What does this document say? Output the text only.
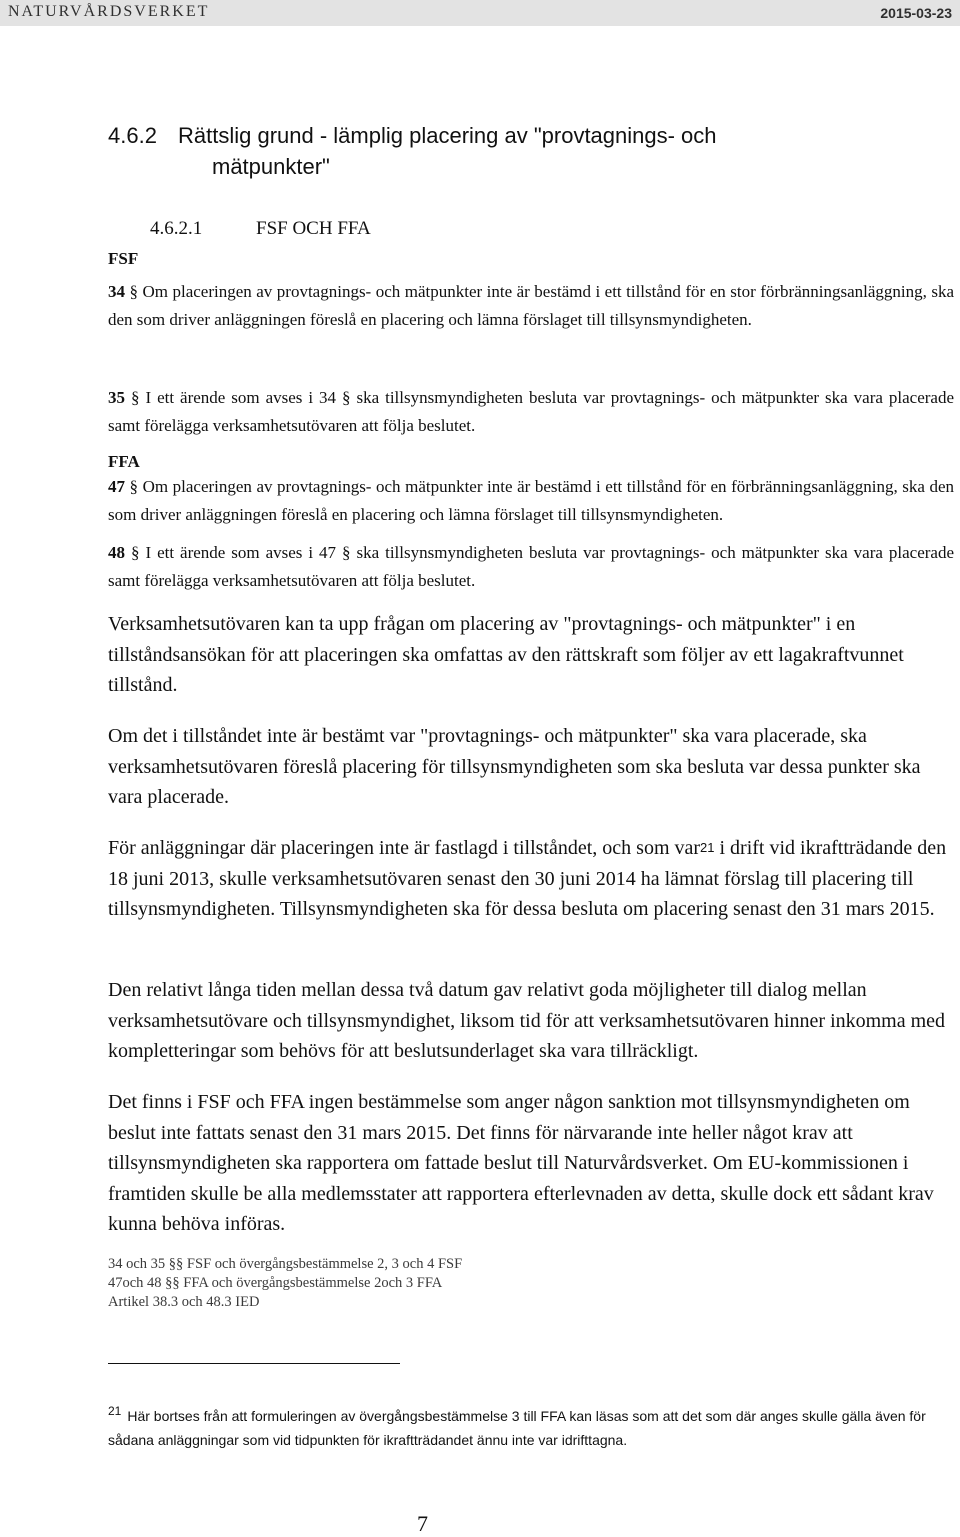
NATURVÅRDSVERKET	2015-03-23
4.6.2 Rättslig grund - lämplig placering av "provtagnings- och
mätpunkter"
4.6.2.1	FSF OCH FFA
FSF
34 § Om placeringen av provtagnings- och mätpunkter inte är bestämd i ett tillstånd för en stor förbränningsanläggning, ska den som driver anläggningen föreslå en placering och lämna förslaget till tillsynsmyndigheten.
35 § I ett ärende som avses i 34 § ska tillsynsmyndigheten besluta var provtagnings- och mätpunkter ska vara placerade samt förelägga verksamhetsutövaren att följa beslutet.
FFA
47 § Om placeringen av provtagnings- och mätpunkter inte är bestämd i ett tillstånd för en förbränningsanläggning, ska den som driver anläggningen föreslå en placering och lämna förslaget till tillsynsmyndigheten.
48 § I ett ärende som avses i 47 § ska tillsynsmyndigheten besluta var provtagnings- och mätpunkter ska vara placerade samt förelägga verksamhetsutövaren att följa beslutet.
Verksamhetsutövaren kan ta upp frågan om placering av "provtagnings- och mätpunkter" i en tillståndsansökan för att placeringen ska omfattas av den rättskraft som följer av ett lagakraftvunnet tillstånd.
Om det i tillståndet inte är bestämt var "provtagnings- och mätpunkter" ska vara placerade, ska verksamhetsutövaren föreslå placering för tillsynsmyndigheten som ska besluta var dessa punkter ska vara placerade.
För anläggningar där placeringen inte är fastlagd i tillståndet, och som var$^{21}$ i drift vid ikraftträdande den 18 juni 2013, skulle verksamhetsutövaren senast den 30 juni 2014 ha lämnat förslag till placering till tillsynsmyndigheten. Tillsynsmyndigheten ska för dessa besluta om placering senast den 31 mars 2015.
Den relativt långa tiden mellan dessa två datum gav relativt goda möjligheter till dialog mellan verksamhetsutövare och tillsynsmyndighet, liksom tid för att verksamhetsutövaren hinner inkomma med kompletteringar som behövs för att beslutsunderlaget ska vara tillräckligt.
Det finns i FSF och FFA ingen bestämmelse som anger någon sanktion mot tillsynsmyndigheten om beslut inte fattats senast den 31 mars 2015. Det finns för närvarande inte heller något krav att tillsynsmyndigheten ska rapportera om fattade beslut till Naturvårdsverket. Om EU-kommissionen i framtiden skulle be alla medlemsstater att rapportera efterlevnaden av detta, skulle dock ett sådant krav kunna behöva införas.
34 och 35 §§ FSF och övergångsbestämmelse 2, 3 och 4 FSF
47och 48 §§ FFA och övergångsbestämmelse 2och 3 FFA
Artikel 38.3 och 48.3 IED
21 Här bortses från att formuleringen av övergångsbestämmelse 3 till FFA kan läsas som att det som där anges skulle gälla även för sådana anläggningar som vid tidpunkten för ikraftträdandet ännu inte var idrifttagna.
7
